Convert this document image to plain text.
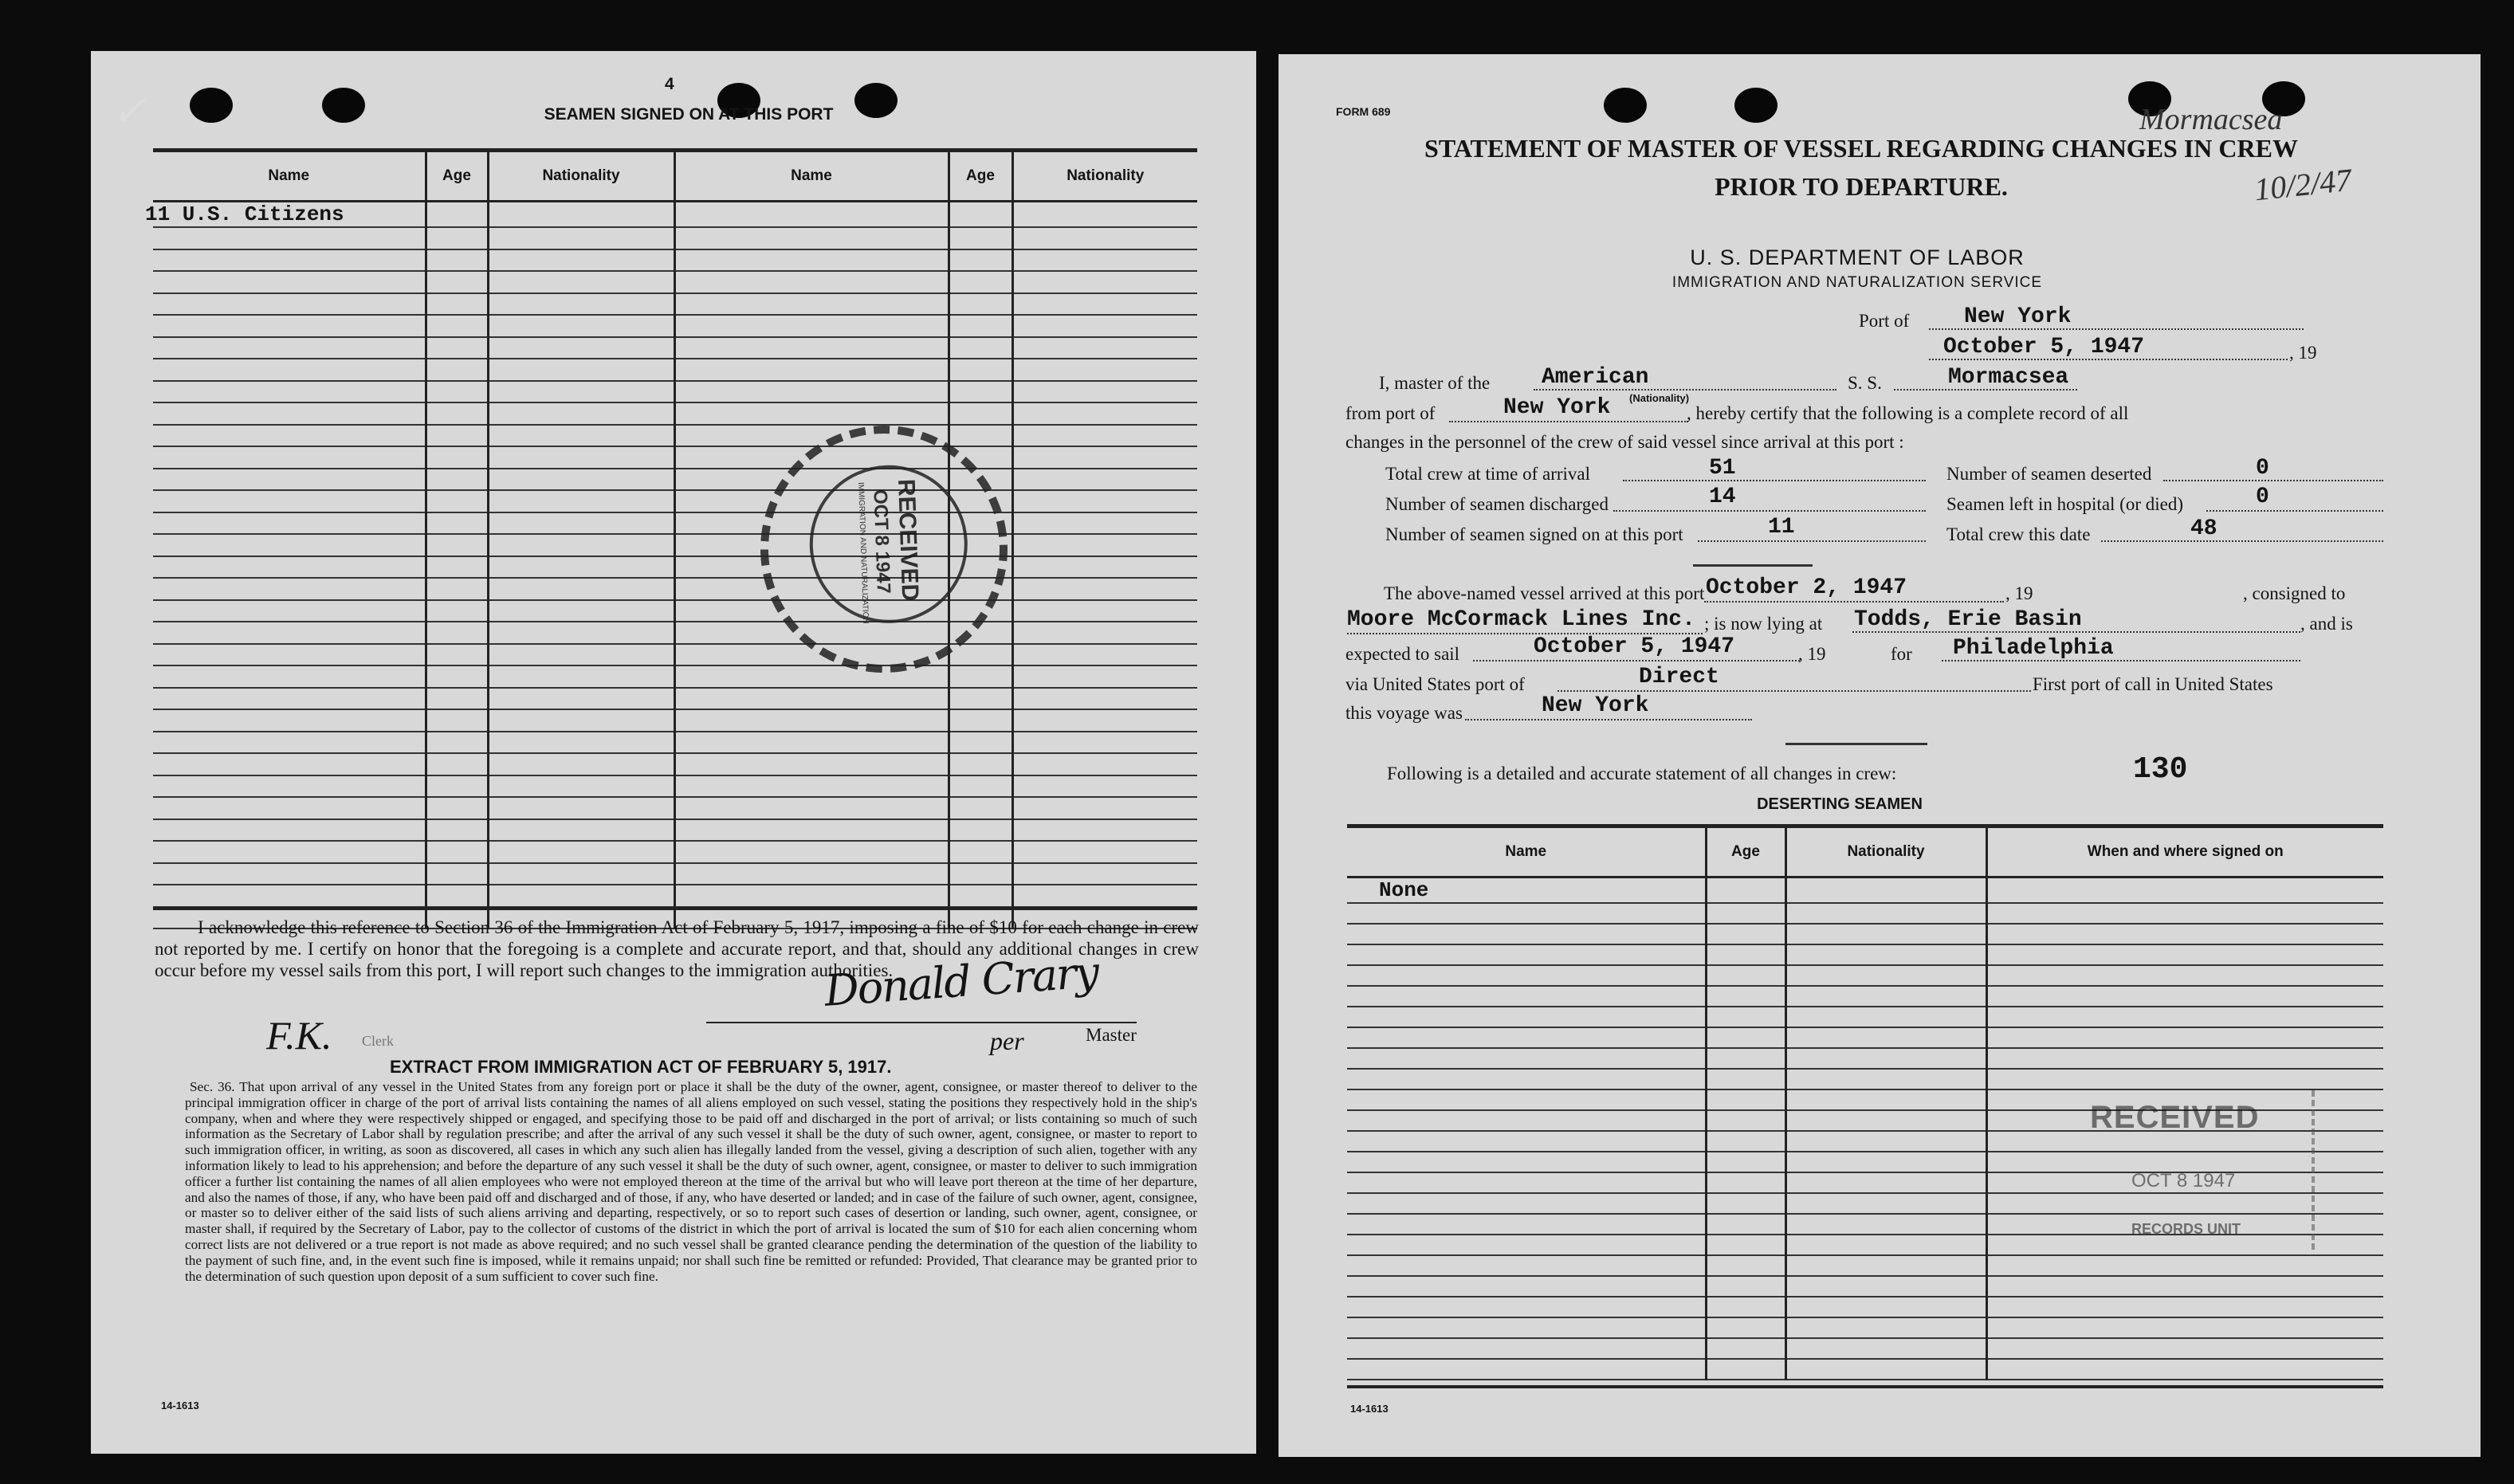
4
SEAMEN SIGNED ON AT THIS PORT
Name	Age	Nationality	Name	Age	Nationality
11 U.S. Citizens					

RECEIVED
OCT 8 1947
IMMIGRATION AND NATURALIZATION
I acknowledge this reference to Section 36 of the Immigration Act of February 5, 1917, imposing a fine of $10 for each change in crew not reported by me. I certify on honor that the foregoing is a complete and accurate report, and that, should any additional changes in crew occur before my vessel sails from this port, I will report such changes to the immigration authorities.
Donald Crary
per	Master
F.K. Clerk
EXTRACT FROM IMMIGRATION ACT OF FEBRUARY 5, 1917.
Sec. 36. That upon arrival of any vessel in the United States from any foreign port or place it shall be the duty of the owner, agent, consignee, or master thereof to deliver to the principal immigration officer in charge of the port of arrival lists containing the names of all aliens employed on such vessel, stating the positions they respectively hold in the ship's company, when and where they were respectively shipped or engaged, and specifying those to be paid off and discharged in the port of arrival; or lists containing so much of such information as the Secretary of Labor shall by regulation prescribe; and after the arrival of any such vessel it shall be the duty of such owner, agent, consignee, or master to report to such immigration officer, in writing, as soon as discovered, all cases in which any such alien has illegally landed from the vessel, giving a description of such alien, together with any information likely to lead to his apprehension; and before the departure of any such vessel it shall be the duty of such owner, agent, consignee, or master to deliver to such immigration officer a further list containing the names of all alien employees who were not employed thereon at the time of the arrival but who will leave port thereon at the time of her departure, and also the names of those, if any, who have been paid off and discharged and of those, if any, who have deserted or landed; and in case of the failure of such owner, agent, consignee, or master so to deliver either of the said lists of such aliens arriving and departing, respectively, or so to report such cases of desertion or landing, such owner, agent, consignee, or master shall, if required by the Secretary of Labor, pay to the collector of customs of the district in which the port of arrival is located the sum of $10 for each alien concerning whom correct lists are not delivered or a true report is not made as above required; and no such vessel shall be granted clearance pending the determination of the question of the liability to the payment of such fine, and, in the event such fine is imposed, while it remains unpaid; nor shall such fine be remitted or refunded: Provided, That clearance may be granted prior to the determination of such question upon deposit of a sum sufficient to cover such fine.
14-1613
FORM 689	Mormacsea
10/2/47
STATEMENT OF MASTER OF VESSEL REGARDING CHANGES IN CREW
PRIOR TO DEPARTURE.
U. S. DEPARTMENT OF LABOR
IMMIGRATION AND NATURALIZATION SERVICE
Port of New York
October 5, 1947	, 19
I, master of the American
(Nationality)
S. S.	Mormacsea
from port of	New York	, hereby certify that the following is a complete record of all
changes in the personnel of the crew of said vessel since arrival at this port :
Total crew at time of arrival	51	Number of seamen deserted	0
Number of seamen discharged	14	Seamen left in hospital (or died)	0
Number of seamen signed on at this port	11	Total crew this date	48
The above-named vessel arrived at this port October 2, 1947	, 19	, consigned to
Moore McCormack Lines Inc. ; is now lying at Todds, Erie Basin	, and is
expected to sail	October 5, 1947	, 19	for Philadelphia
via United States port of	Direct	First port of call in United States
this voyage was	New York
Following is a detailed and accurate statement of all changes in crew:	130
DESERTING SEAMEN
Name	Age	Nationality	When and where signed on
None			

RECEIVED
OCT 8 1947
RECORDS UNIT
14-1613
✓
